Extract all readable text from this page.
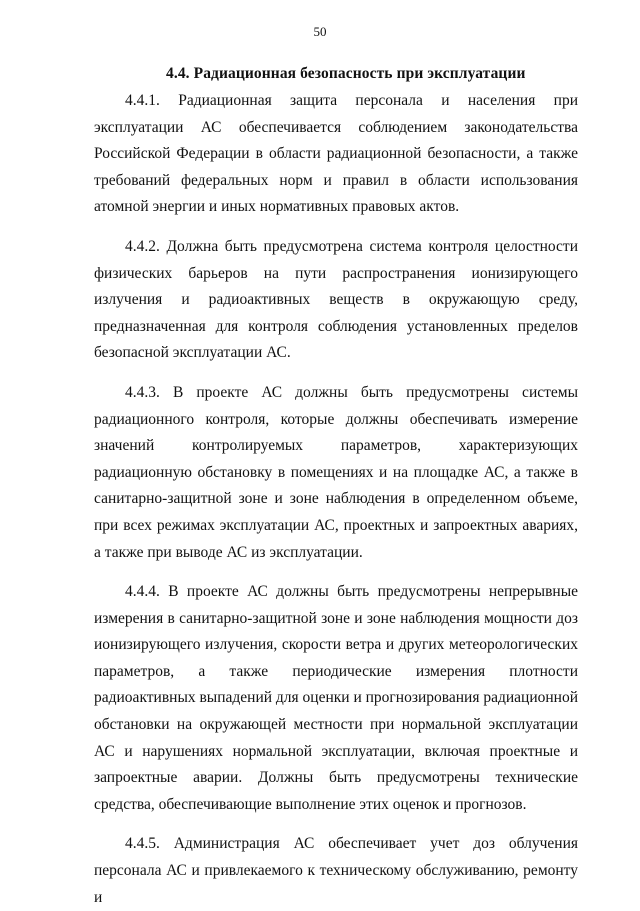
50
4.4. Радиационная безопасность при эксплуатации

4.4.1. Радиационная защита персонала и населения при эксплуатации АС обеспечивается соблюдением законодательства Российской Федерации в области радиационной безопасности, а также требований федеральных норм и правил в области использования атомной энергии и иных нормативных правовых актов.

4.4.2. Должна быть предусмотрена система контроля целостности физических барьеров на пути распространения ионизирующего излучения и радиоактивных веществ в окружающую среду, предназначенная для контроля соблюдения установленных пределов безопасной эксплуатации АС.

4.4.3. В проекте АС должны быть предусмотрены системы радиационного контроля, которые должны обеспечивать измерение значений контролируемых параметров, характеризующих радиационную обстановку в помещениях и на площадке АС, а также в санитарно-защитной зоне и зоне наблюдения в определенном объеме, при всех режимах эксплуатации АС, проектных и запроектных авариях, а также при выводе АС из эксплуатации.

4.4.4. В проекте АС должны быть предусмотрены непрерывные измерения в санитарно-защитной зоне и зоне наблюдения мощности доз ионизирующего излучения, скорости ветра и других метеорологических параметров, а также периодические измерения плотности радиоактивных выпадений для оценки и прогнозирования радиационной обстановки на окружающей местности при нормальной эксплуатации АС и нарушениях нормальной эксплуатации, включая проектные и запроектные аварии. Должны быть предусмотрены технические средства, обеспечивающие выполнение этих оценок и прогнозов.

4.4.5. Администрация АС обеспечивает учет доз облучения персонала АС и привлекаемого к техническому обслуживанию, ремонту и
